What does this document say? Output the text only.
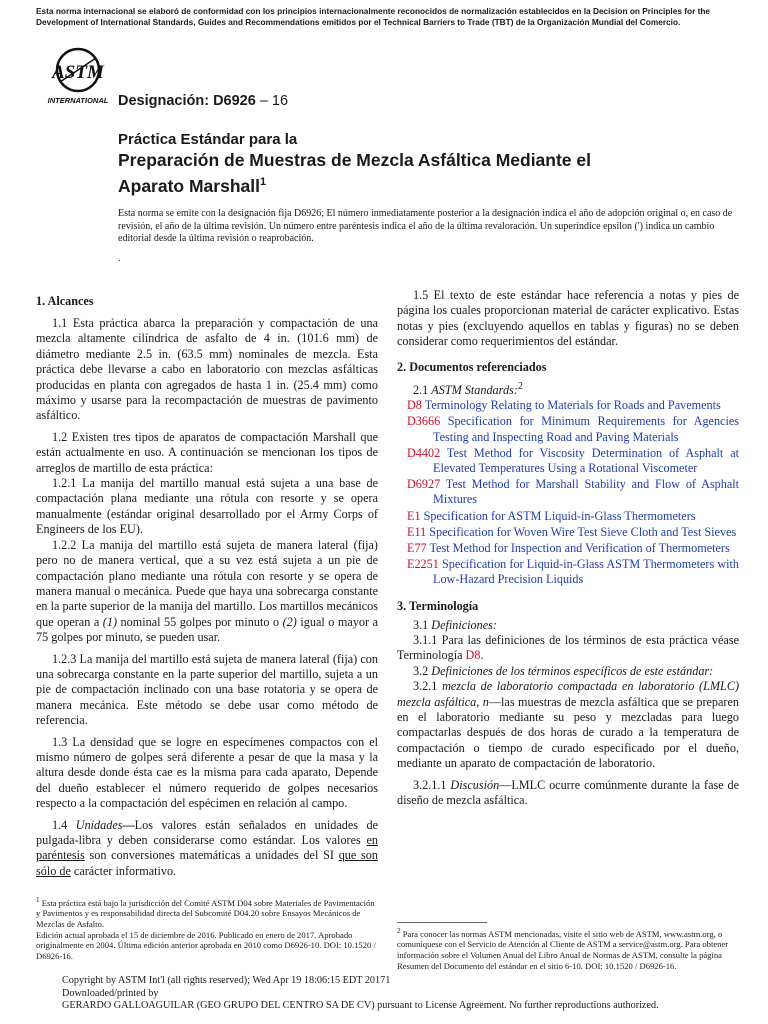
Esta norma internacional se elaboró de conformidad con los principios internacionalmente reconocidos de normalización establecidos en la Decision on Principles for the Development of International Standards, Guides and Recommendations emitidos por el Technical Barriers to Trade (TBT) de la Organización Mundial del Comercio.
ASTM
INTERNATIONAL Designación: D6926 – 16
Práctica Estándar para la
Preparación de Muestras de Mezcla Asfáltica Mediante el
Aparato Marshall$^1$
Esta norma se emite con la designación fija D6926; El número inmediatamente posterior a la designación indica el año de adopción original o, en caso de revisión, el año de la última revisión. Un número entre paréntesis indica el año de la última revaloración. Un superíndice epsilon (') indica un cambio editorial desde la última revisión o reaprobación.
.
1. Alcances

1.1 Esta práctica abarca la preparación y compactación de una mezcla altamente cilíndrica de asfalto de 4 in. (101.6 mm) de diámetro mediante 2.5 in. (63.5 mm) nominales de mezcla. Esta práctica debe llevarse a cabo en laboratorio con mezclas asfálticas producidas en planta con agregados de hasta 1 in. (25.4 mm) como máximo y usarse para la recompactación de muestras de pavimento asfáltico.

1.2 Existen tres tipos de aparatos de compactación Marshall que están actualmente en uso. A continuación se mencionan los tipos de arreglos de martillo de esta práctica:

1.2.1 La manija del martillo manual está sujeta a una base de compactación plana mediante una rótula con resorte y se opera manualmente (estándar original desarrollado por el Army Corps of Engineers de los EU).

1.2.2 La manija del martillo está sujeta de manera lateral (fija) pero no de manera vertical, que a su vez está sujeta a un pie de compactación plano mediante una rótula con resorte y se opera de manera manual o mecánica. Puede que haya una sobrecarga constante en la parte superior de la manija del martillo. Los martillos mecánicos que operan a (1) nominal 55 golpes por minuto o (2) igual o mayor a 75 golpes por minuto, se pueden usar.

1.2.3 La manija del martillo está sujeta de manera lateral (fija) con una sobrecarga constante en la parte superior del martillo, sujeta a un pie de compactación inclinado con una base rotatoria y se opera de manera mecánica. Este método se debe usar como método de referencia.

1.3 La densidad que se logre en especímenes compactos con el mismo número de golpes será diferente a pesar de que la masa y la altura desde donde ésta cae es la misma para cada aparato, Depende del dueño establecer el número requerido de golpes necesarios respecto a la compactación del espécimen en relación al campo.

1.4 Unidades—Los valores están señalados en unidades de pulgada-libra y deben considerarse como estándar. Los valores en paréntesis son conversiones matemáticas a unidades del SI que son sólo de carácter informativo.

1.5 El texto de este estándar hace referencia a notas y pies de página los cuales proporcionan material de carácter explicativo. Estas notas y pies (excluyendo aquellos en tablas y figuras) no se deben considerar como requerimientos del estándar.

2. Documentos referenciados

2.1 ASTM Standards:$^2$

D8 Terminology Relating to Materials for Roads and Pavements
D3666 Specification for Minimum Requirements for Agencies Testing and Inspecting Road and Paving Materials
D4402 Test Method for Viscosity Determination of Asphalt at Elevated Temperatures Using a Rotational Viscometer
D6927 Test Method for Marshall Stability and Flow of Asphalt Mixtures
E1 Specification for ASTM Liquid-in-Glass Thermometers
E11 Specification for Woven Wire Test Sieve Cloth and Test Sieves
E77 Test Method for Inspection and Verification of Thermometers
E2251 Specification for Liquid-in-Glass ASTM Thermometers with Low-Hazard Precision Liquids
3. Terminología

3.1 Definiciones:

3.1.1 Para las definiciones de los términos de esta práctica véase Terminología D8.

3.2 Definiciones de los términos específicos de este estándar:

3.2.1 mezcla de laboratorio compactada en laboratorio (LMLC) mezcla asfáltica, n—las muestras de mezcla asfáltica que se preparen en el laboratorio mediante su peso y mezcladas para luego compactarlas después de dos horas de curado a la temperatura de compactación o tiempo de curado especificado por el dueño, mediante un aparato de compactación de laboratorio.

3.2.1.1 Discusión—LMLC ocurre comúnmente durante la fase de diseño de mezcla asfáltica.

$^1$ Esta práctica está bajo la jurisdicción del Comité ASTM D04 sobre Materiales de Pavimentación y Pavimentos y es responsabilidad directa del Subcomité D04.20 sobre Ensayos Mecánicos de Mezclas de Asfalto.
Edición actual aprobada el 15 de diciembre de 2016. Publicado en enero de 2017. Aprobado originalmente en 2004. Última edición anterior aprobada en 2010 como D6926-10. DOI: 10.1520 / D6926-16.
$^2$ Para conocer las normas ASTM mencionadas, visite el sitio web de ASTM, www.astm.org, o comuníquese con el Servicio de Atención al Cliente de ASTM a service@astm.org. Para obtener información sobre el Volumen Anual del Libro Anual de Normas de ASTM, consulte la página Resumen del Documento del estándar en el sitio 6-10. DOI: 10.1520 / D6926-16.
Copyright by ASTM Int'l (all rights reserved); Wed Apr 19 18:06:15 EDT 20171
Downloaded/printed by
GERARDO GALLOAGUILAR (GEO GRUPO DEL CENTRO SA DE CV) pursuant to License Agreement. No further reproductions authorized.
